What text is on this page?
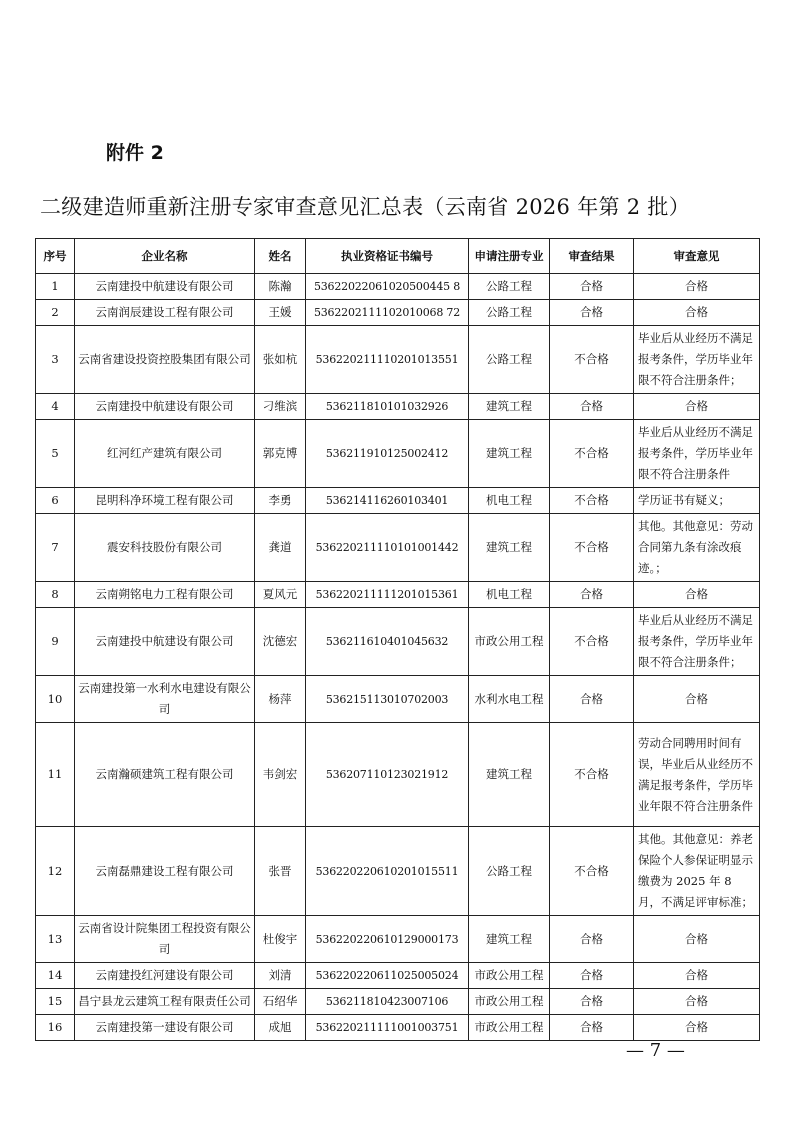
附件 2
二级建造师重新注册专家审查意见汇总表（云南省 2026 年第 2 批）
序号	企业名称	姓名	执业资格证书编号	申请注册专业	审查结果	审查意见
1	云南建投中航建设有限公司	陈瀚	53622022061020500445 8	公路工程	合格	合格
2	云南润辰建设工程有限公司	王媛	5362202111102010068 72	公路工程	合格	合格
3	云南省建设投资控股集团有限公司	张如杭	536220211110201013551	公路工程	不合格	毕业后从业经历不满足报考条件，学历毕业年限不符合注册条件；
4	云南建投中航建设有限公司	刁维滨	536211810101032926	建筑工程	合格	合格
5	红河红产建筑有限公司	郭克博	536211910125002412	建筑工程	不合格	毕业后从业经历不满足报考条件，学历毕业年限不符合注册条件
6	昆明科净环境工程有限公司	李勇	536214116260103401	机电工程	不合格	学历证书有疑义；
7	震安科技股份有限公司	龚道	536220211110101001442	建筑工程	不合格	其他。其他意见：劳动合同第九条有涂改痕迹。；
8	云南朔铭电力工程有限公司	夏风元	536220211111201015361	机电工程	合格	合格
9	云南建投中航建设有限公司	沈德宏	536211610401045632	市政公用工程	不合格	毕业后从业经历不满足报考条件，学历毕业年限不符合注册条件；
10	云南建投第一水利水电建设有限公司	杨萍	536215113010702003	水利水电工程	合格	合格
11	云南瀚硕建筑工程有限公司	韦剑宏	536207110123021912	建筑工程	不合格	劳动合同聘用时间有误，毕业后从业经历不满足报考条件，学历毕业年限不符合注册条件
12	云南磊鼎建设工程有限公司	张晋	536220220610201015511	公路工程	不合格	其他。其他意见：养老保险个人参保证明显示缴费为 2025 年 8 月，不满足评审标准；
13	云南省设计院集团工程投资有限公司	杜俊宇	536220220610129000173	建筑工程	合格	合格
14	云南建投红河建设有限公司	刘清	536220220611025005024	市政公用工程	合格	合格
15	昌宁县龙云建筑工程有限责任公司	石绍华	536211810423007106	市政公用工程	合格	合格
16	云南建投第一建设有限公司	成旭	536220211111001003751	市政公用工程	合格	合格
— 7 —
